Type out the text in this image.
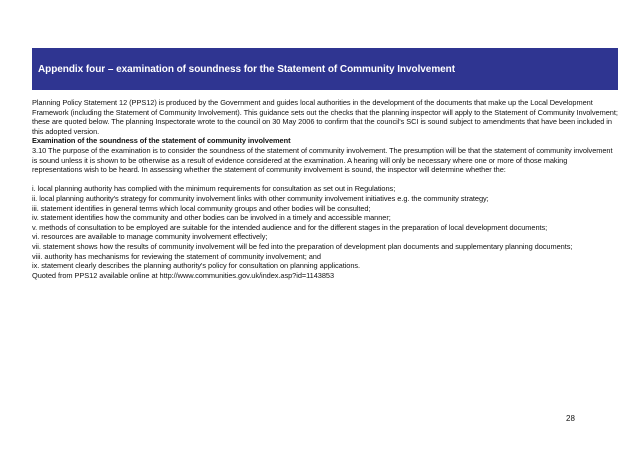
Appendix four – examination of soundness for the Statement of Community Involvement

Planning Policy Statement 12 (PPS12) is produced by the Government and guides local authorities in the development of the documents that make up the Local Development Framework (including the Statement of Community Involvement). This guidance sets out the checks that the planning inspector will apply to the Statement of Community Involvement; these are quoted below. The planning Inspectorate wrote to the council on 30 May 2006 to confirm that the council's SCI is sound subject to amendments that have been included in this adopted version.

Examination of the soundness of the statement of community involvement

3.10 The purpose of the examination is to consider the soundness of the statement of community involvement. The presumption will be that the statement of community involvement is sound unless it is shown to be otherwise as a result of evidence considered at the examination. A hearing will only be necessary where one or more of those making representations wish to be heard. In assessing whether the statement of community involvement is sound, the inspector will determine whether the:

i. local planning authority has complied with the minimum requirements for consultation as set out in Regulations;
ii. local planning authority's strategy for community involvement links with other community involvement initiatives e.g. the community strategy;
iii. statement identifies in general terms which local community groups and other bodies will be consulted;
iv. statement identifies how the community and other bodies can be involved in a timely and accessible manner;
v. methods of consultation to be employed are suitable for the intended audience and for the different stages in the preparation of local development documents;
vi. resources are available to manage community involvement effectively;
vii. statement shows how the results of community involvement will be fed into the preparation of development plan documents and supplementary planning documents;
viii. authority has mechanisms for reviewing the statement of community involvement; and
ix. statement clearly describes the planning authority's policy for consultation on planning applications.

Quoted from PPS12 available online at http://www.communities.gov.uk/index.asp?id=1143853

28
